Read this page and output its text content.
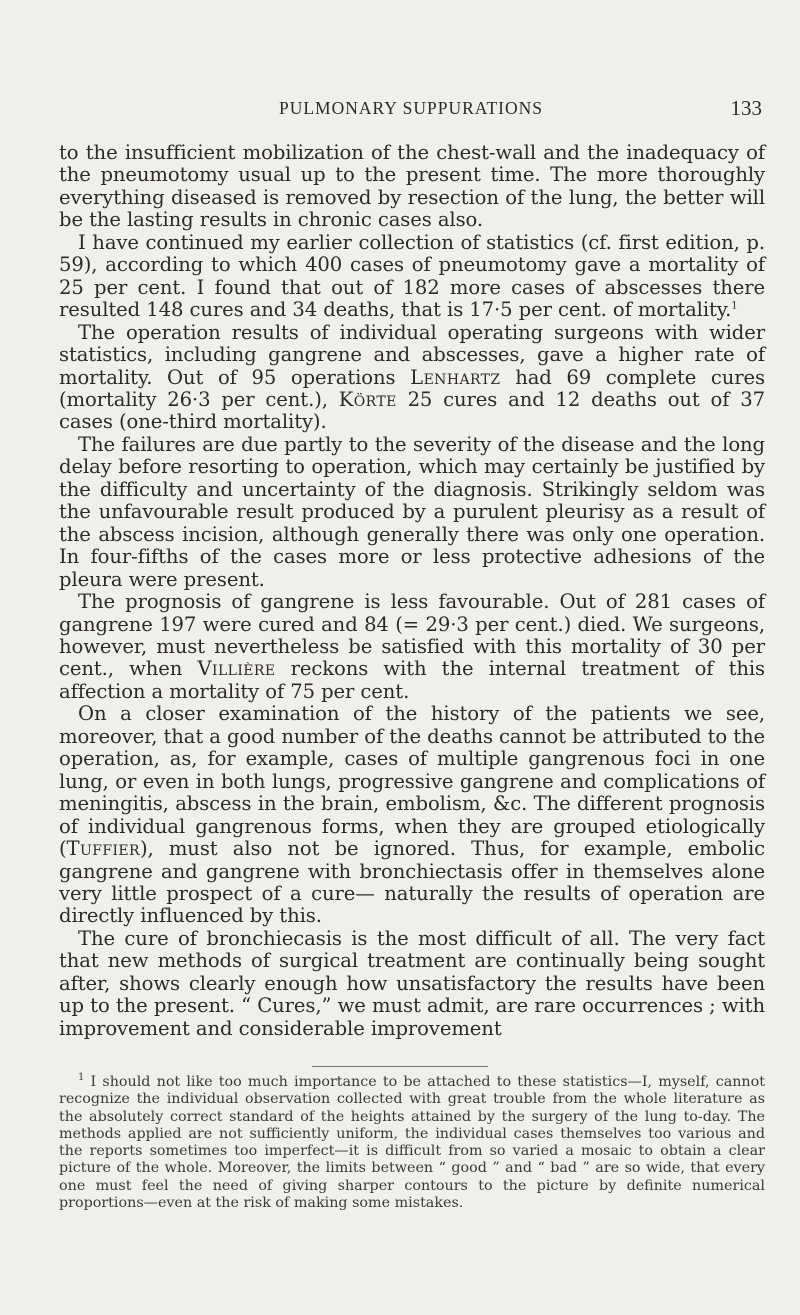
PULMONARY SUPPURATIONS	133

to the insufficient mobilization of the chest-wall and the inadequacy of the pneumotomy usual up to the present time. The more thoroughly everything diseased is removed by resection of the lung, the better will be the lasting results in chronic cases also.

I have continued my earlier collection of statistics (cf. first edition, p. 59), according to which 400 cases of pneumotomy gave a mortality of 25 per cent. I found that out of 182 more cases of abscesses there resulted 148 cures and 34 deaths, that is 17·5 per cent. of mortality.$^1$

The operation results of individual operating surgeons with wider statistics, including gangrene and abscesses, gave a higher rate of mortality. Out of 95 operations Lenhartz had 69 complete cures (mortality 26·3 per cent.), Körte 25 cures and 12 deaths out of 37 cases (one-third mortality).

The failures are due partly to the severity of the disease and the long delay before resorting to operation, which may certainly be justified by the difficulty and uncertainty of the diagnosis. Strikingly seldom was the unfavourable result produced by a purulent pleurisy as a result of the abscess incision, although generally there was only one operation. In four-fifths of the cases more or less protective adhesions of the pleura were present.

The prognosis of gangrene is less favourable. Out of 281 cases of gangrene 197 were cured and 84 (= 29·3 per cent.) died. We surgeons, however, must nevertheless be satisfied with this mortality of 30 per cent., when Villière reckons with the internal treatment of this affection a mortality of 75 per cent.

On a closer examination of the history of the patients we see, moreover, that a good number of the deaths cannot be attributed to the operation, as, for example, cases of multiple gangrenous foci in one lung, or even in both lungs, progressive gangrene and complications of meningitis, abscess in the brain, embolism, &c. The different prognosis of individual gangrenous forms, when they are grouped etiologically (Tuffier), must also not be ignored. Thus, for example, embolic gangrene and gangrene with bronchiectasis offer in themselves alone very little prospect of a cure— naturally the results of operation are directly influenced by this.

The cure of bronchiecasis is the most difficult of all. The very fact that new methods of surgical treatment are continually being sought after, shows clearly enough how unsatisfactory the results have been up to the present. “ Cures,” we must admit, are rare occurrences ; with improvement and considerable improvement

$^1$ I should not like too much importance to be attached to these statistics—I, myself, cannot recognize the individual observation collected with great trouble from the whole literature as the absolutely correct standard of the heights attained by the surgery of the lung to-day. The methods applied are not sufficiently uniform, the individual cases themselves too various and the reports sometimes too imperfect—it is difficult from so varied a mosaic to obtain a clear picture of the whole. Moreover, the limits between “ good ” and “ bad ” are so wide, that every one must feel the need of giving sharper contours to the picture by definite numerical proportions—even at the risk of making some mistakes.
